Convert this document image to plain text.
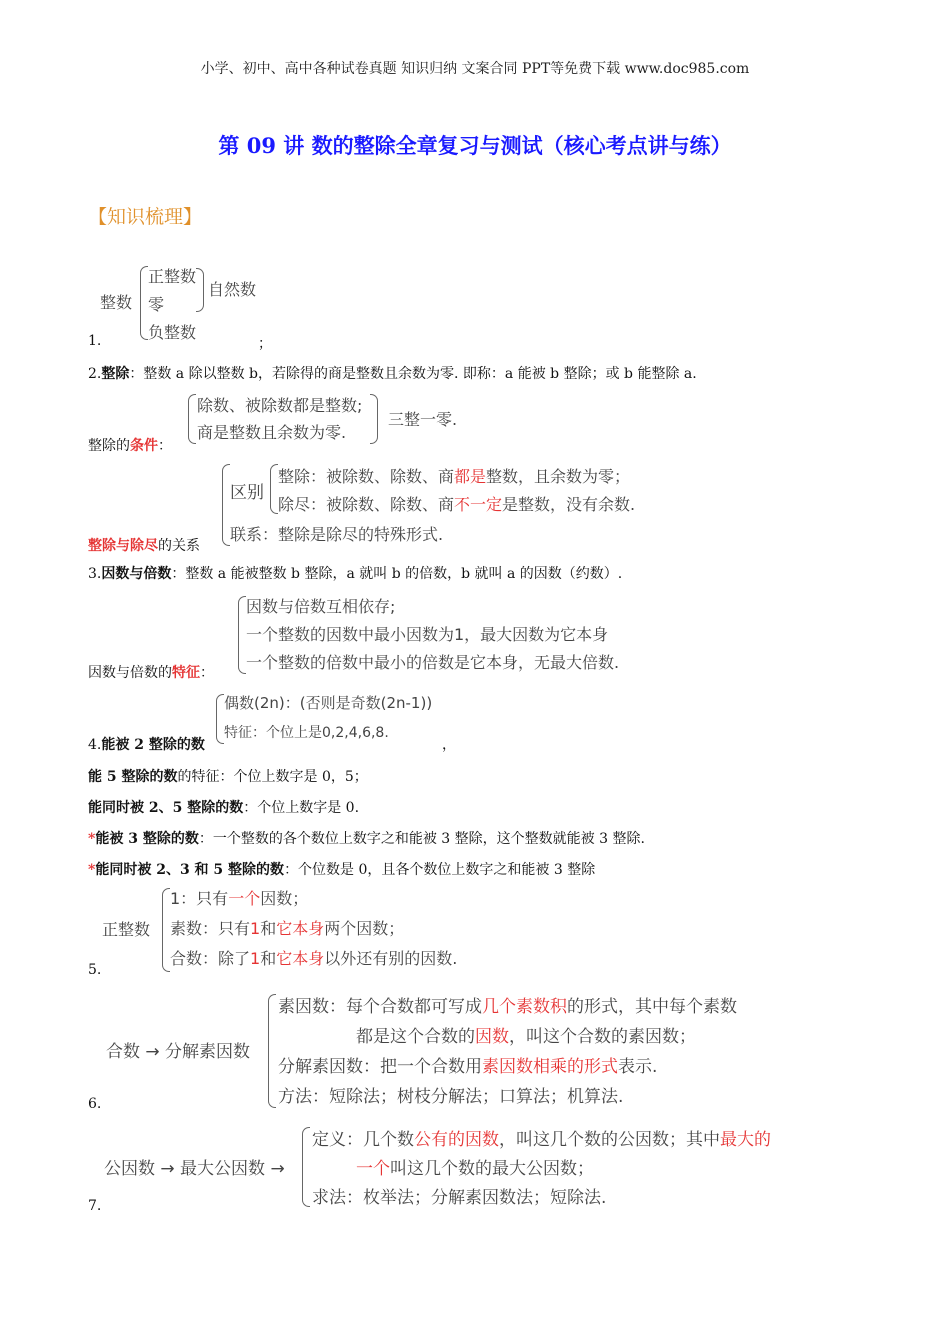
小学、初中、高中各种试卷真题 知识归纳 文案合同 PPT等免费下载 www.doc985.com
第 09 讲 数的整除全章复习与测试（核心考点讲与练）
【知识梳理】
整数
正整数
零
负整数
自然数
1.	；
2.整除：整数 a 除以整数 b，若除得的商是整数且余数为零. 即称：a 能被 b 整除；或 b 能整除 a.
除数、被除数都是整数;
商是整数且余数为零.
三整一零.
整除的条件：
区别
整除：被除数、除数、商都是整数，且余数为零；
除尽：被除数、除数、商不一定是整数，没有余数.
联系：整除是除尽的特殊形式.
整除与除尽的关系
3.因数与倍数：整数 a 能被整数 b 整除，a 就叫 b 的倍数，b 就叫 a 的因数（约数）.
因数与倍数互相依存;
一个整数的因数中最小因数为1，最大因数为它本身
一个整数的倍数中最小的倍数是它本身，无最大倍数.
因数与倍数的特征：
偶数(2n)：(否则是奇数(2n-1))
特征：个位上是0,2,4,6,8.
4.能被 2 整除的数	，
能 5 整除的数的特征：个位上数字是 0，5；
能同时被 2、5 整除的数：个位上数字是 0.
*能被 3 整除的数：一个整数的各个数位上数字之和能被 3 整除，这个整数就能被 3 整除.
*能同时被 2、3 和 5 整除的数：个位数是 0，且各个数位上数字之和能被 3 整除
正整数
1：只有一个因数；
素数：只有1和它本身两个因数；
合数：除了1和它本身以外还有别的因数.
5.
合数 → 分解素因数
素因数：每个合数都可写成几个素数积的形式，其中每个素数
都是这个合数的因数，叫这个合数的素因数；
分解素因数：把一个合数用素因数相乘的形式表示.
方法：短除法；树枝分解法；口算法；机算法.
6.
公因数 → 最大公因数 →
定义：几个数公有的因数，叫这几个数的公因数；其中最大的
一个叫这几个数的最大公因数；
求法：枚举法；分解素因数法；短除法.
7.
